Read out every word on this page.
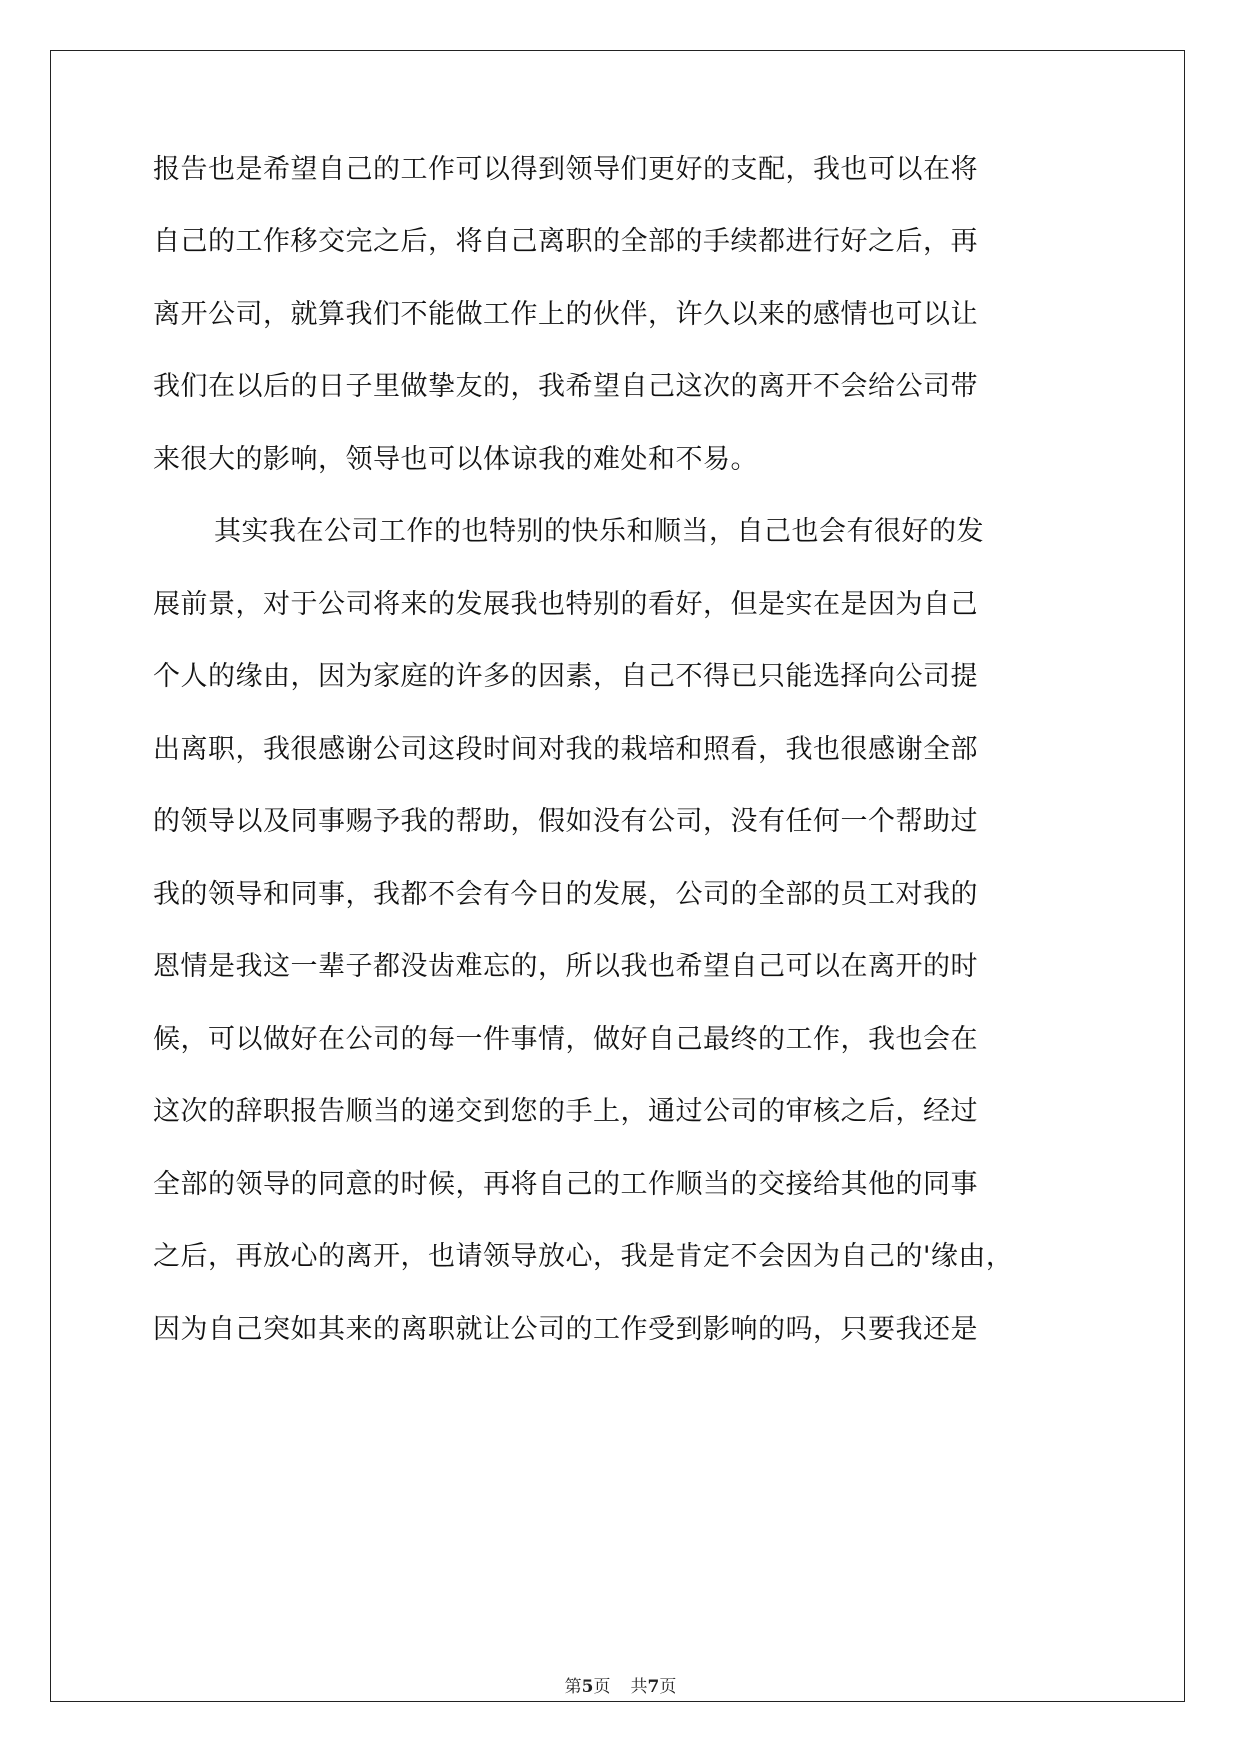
报告也是希望自己的工作可以得到领导们更好的支配，我也可以在将
自己的工作移交完之后，将自己离职的全部的手续都进行好之后，再
离开公司，就算我们不能做工作上的伙伴，许久以来的感情也可以让
我们在以后的日子里做挚友的，我希望自己这次的离开不会给公司带
来很大的影响，领导也可以体谅我的难处和不易。
其实我在公司工作的也特别的快乐和顺当，自己也会有很好的发
展前景，对于公司将来的发展我也特别的看好，但是实在是因为自己
个人的缘由，因为家庭的许多的因素，自己不得已只能选择向公司提
出离职，我很感谢公司这段时间对我的栽培和照看，我也很感谢全部
的领导以及同事赐予我的帮助，假如没有公司，没有任何一个帮助过
我的领导和同事，我都不会有今日的发展，公司的全部的员工对我的
恩情是我这一辈子都没齿难忘的，所以我也希望自己可以在离开的时
候，可以做好在公司的每一件事情，做好自己最终的工作，我也会在
这次的辞职报告顺当的递交到您的手上，通过公司的审核之后，经过
全部的领导的同意的时候，再将自己的工作顺当的交接给其他的同事
之后，再放心的离开，也请领导放心，我是肯定不会因为自己的'缘由，
因为自己突如其来的离职就让公司的工作受到影响的吗，只要我还是
第5页 共7页
